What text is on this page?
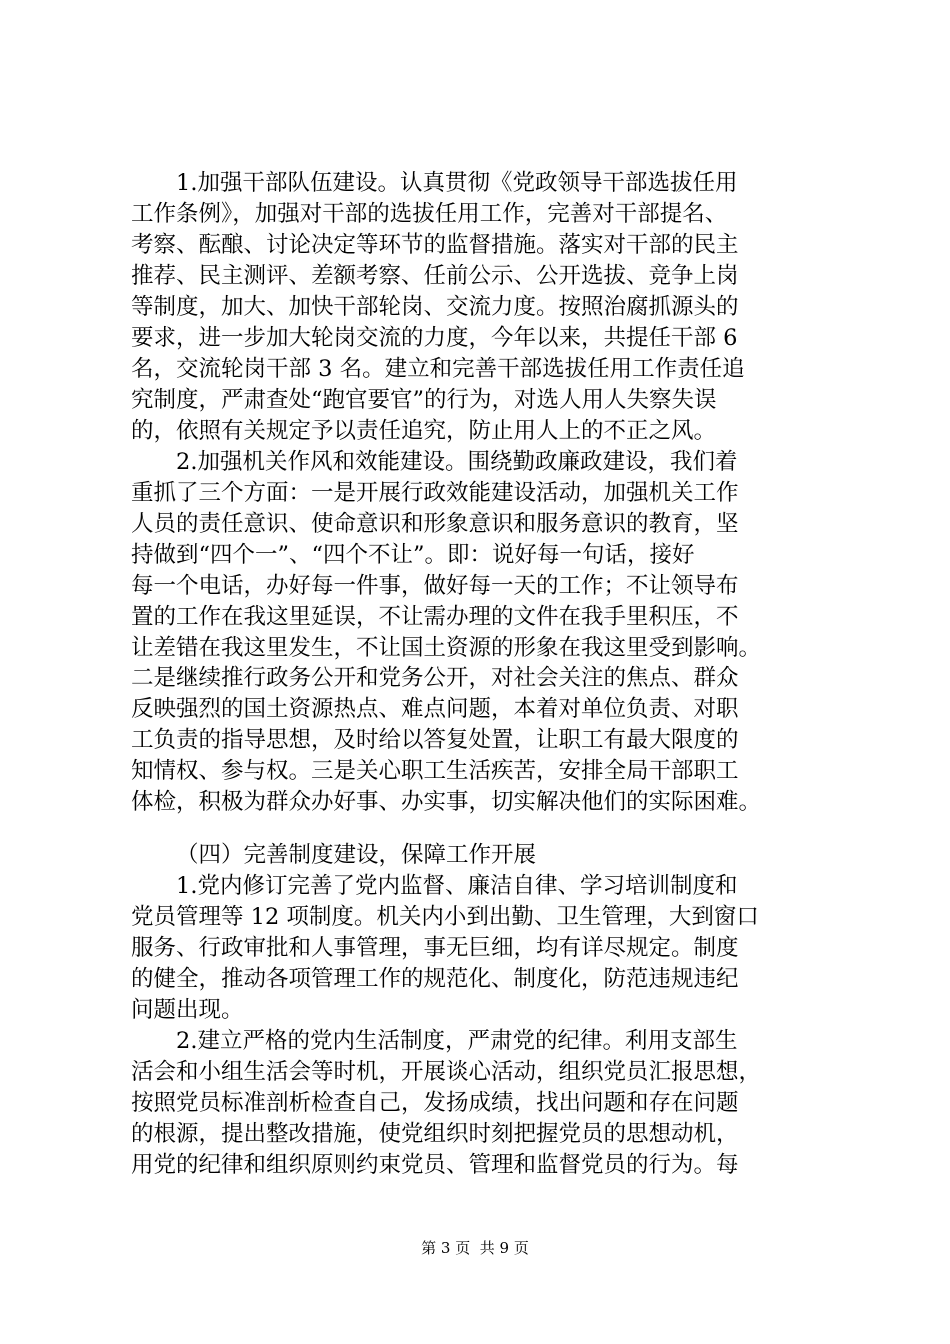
1.加强干部队伍建设。认真贯彻《党政领导干部选拔任用
工作条例》，加强对干部的选拔任用工作，完善对干部提名、
考察、酝酿、讨论决定等环节的监督措施。落实对干部的民主
推荐、民主测评、差额考察、任前公示、公开选拔、竞争上岗
等制度，加大、加快干部轮岗、交流力度。按照治腐抓源头的
要求，进一步加大轮岗交流的力度，今年以来，共提任干部 6
名，交流轮岗干部 3 名。建立和完善干部选拔任用工作责任追
究制度，严肃查处“跑官要官”的行为，对选人用人失察失误
的，依照有关规定予以责任追究，防止用人上的不正之风。
2.加强机关作风和效能建设。围绕勤政廉政建设，我们着
重抓了三个方面：一是开展行政效能建设活动，加强机关工作
人员的责任意识、使命意识和形象意识和服务意识的教育，坚
持做到“四个一”、“四个不让”。即：说好每一句话，接好
每一个电话，办好每一件事，做好每一天的工作；不让领导布
置的工作在我这里延误，不让需办理的文件在我手里积压，不
让差错在我这里发生，不让国土资源的形象在我这里受到影响。
二是继续推行政务公开和党务公开，对社会关注的焦点、群众
反映强烈的国土资源热点、难点问题，本着对单位负责、对职
工负责的指导思想，及时给以答复处置，让职工有最大限度的
知情权、参与权。三是关心职工生活疾苦，安排全局干部职工
体检，积极为群众办好事、办实事，切实解决他们的实际困难。
（四）完善制度建设，保障工作开展
1.党内修订完善了党内监督、廉洁自律、学习培训制度和
党员管理等 12 项制度。机关内小到出勤、卫生管理，大到窗口
服务、行政审批和人事管理，事无巨细，均有详尽规定。制度
的健全，推动各项管理工作的规范化、制度化，防范违规违纪
问题出现。
2.建立严格的党内生活制度，严肃党的纪律。利用支部生
活会和小组生活会等时机，开展谈心活动，组织党员汇报思想，
按照党员标准剖析检查自己，发扬成绩，找出问题和存在问题
的根源，提出整改措施，使党组织时刻把握党员的思想动机，
用党的纪律和组织原则约束党员、管理和监督党员的行为。每
第 3 页  共 9 页
